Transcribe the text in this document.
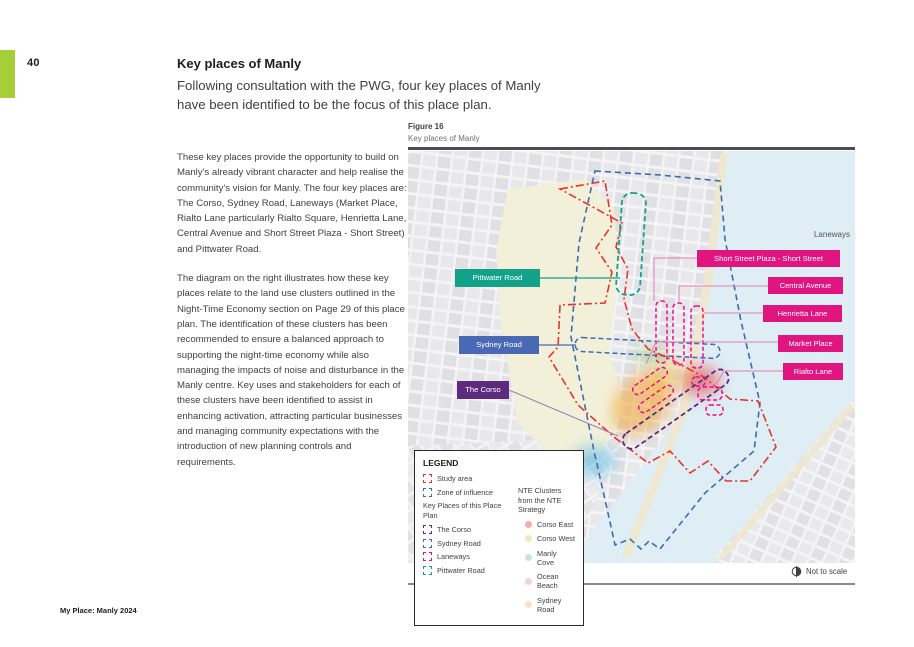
40	Key places of Manly
Following consultation with the PWG, four key places of Manly
have been identified to be the focus of this place plan.

These key places provide the opportunity to build on Manly's already vibrant character and help realise the community's vision for Manly. The four key places are: The Corso, Sydney Road, Laneways (Market Place, Rialto Lane particularly Rialto Square, Henrietta Lane, Central Avenue and Short Street Plaza - Short Street) and Pittwater Road.

The diagram on the right illustrates how these key places relate to the land use clusters outlined in the Night-Time Economy section on Page 29 of this place plan. The identification of these clusters has been recommended to ensure a balanced approach to supporting the night-time economy while also managing the impacts of noise and disturbance in the Manly centre. Key uses and stakeholders for each of these clusters have been identified to assist in enhancing activation, attracting particular businesses and managing community expectations with the introduction of new planning controls and requirements.

Figure 16
Key places of Manly
Laneways
Pittwater Road
Sydney Road
The Corso
Short Street Plaza - Short Street
Central Avenue
Henrietta Lane
Market Place
Rialto Lane
LEGEND
Study area
Zone of influence
Key Places of this Place Plan
The Corso
Sydney Road
Laneways
Pittwater Road
NTE Clusters from the NTE Strategy
Corso East
Corso West
Manly Cove
Ocean Beach
Sydney Road
Not to scale
My Place: Manly 2024
